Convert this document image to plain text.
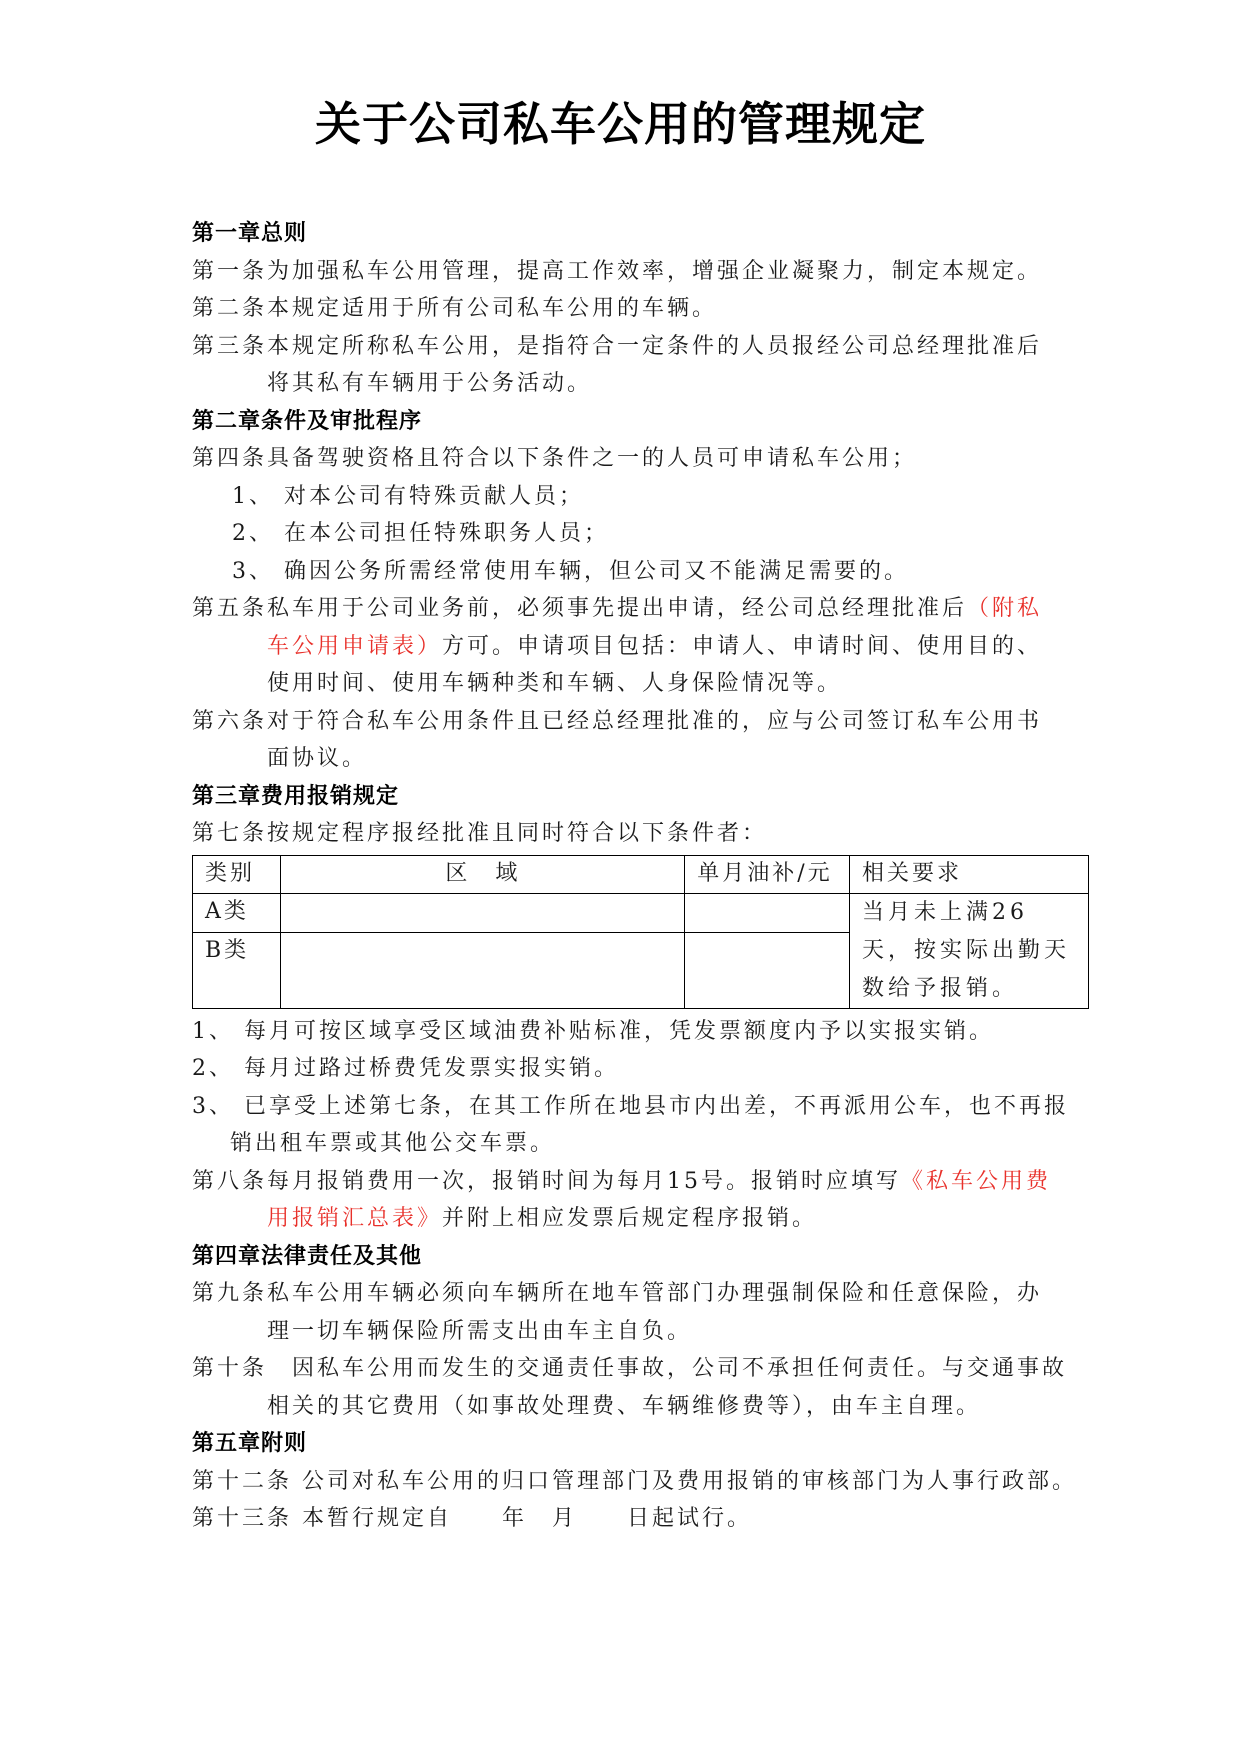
关于公司私车公用的管理规定
第一章总则
第一条为加强私车公用管理，提高工作效率，增强企业凝聚力，制定本规定。
第二条本规定适用于所有公司私车公用的车辆。
第三条本规定所称私车公用，是指符合一定条件的人员报经公司总经理批准后
将其私有车辆用于公务活动。
第二章条件及审批程序
第四条具备驾驶资格且符合以下条件之一的人员可申请私车公用；
1、 对本公司有特殊贡献人员；
2、 在本公司担任特殊职务人员；
3、 确因公务所需经常使用车辆，但公司又不能满足需要的。
第五条私车用于公司业务前，必须事先提出申请，经公司总经理批准后（附私
车公用申请表）方可。申请项目包括：申请人、申请时间、使用目的、
使用时间、使用车辆种类和车辆、人身保险情况等。
第六条对于符合私车公用条件且已经总经理批准的，应与公司签订私车公用书
面协议。
第三章费用报销规定
第七条按规定程序报经批准且同时符合以下条件者：
类别	区　域	单月油补/元	相关要求
A类			当月未上满26天，按实际出勤天数给予报销。
B类			
1、 每月可按区域享受区域油费补贴标准，凭发票额度内予以实报实销。
2、 每月过路过桥费凭发票实报实销。
3、 已享受上述第七条，在其工作所在地县市内出差，不再派用公车，也不再报
销出租车票或其他公交车票。
第八条每月报销费用一次，报销时间为每月15号。报销时应填写《私车公用费
用报销汇总表》并附上相应发票后规定程序报销。
第四章法律责任及其他
第九条私车公用车辆必须向车辆所在地车管部门办理强制保险和任意保险，办
理一切车辆保险所需支出由车主自负。
第十条　因私车公用而发生的交通责任事故，公司不承担任何责任。与交通事故
相关的其它费用（如事故处理费、车辆维修费等），由车主自理。
第五章附则
第十二条 公司对私车公用的归口管理部门及费用报销的审核部门为人事行政部。
第十三条 本暂行规定自　　年　月　　日起试行。
